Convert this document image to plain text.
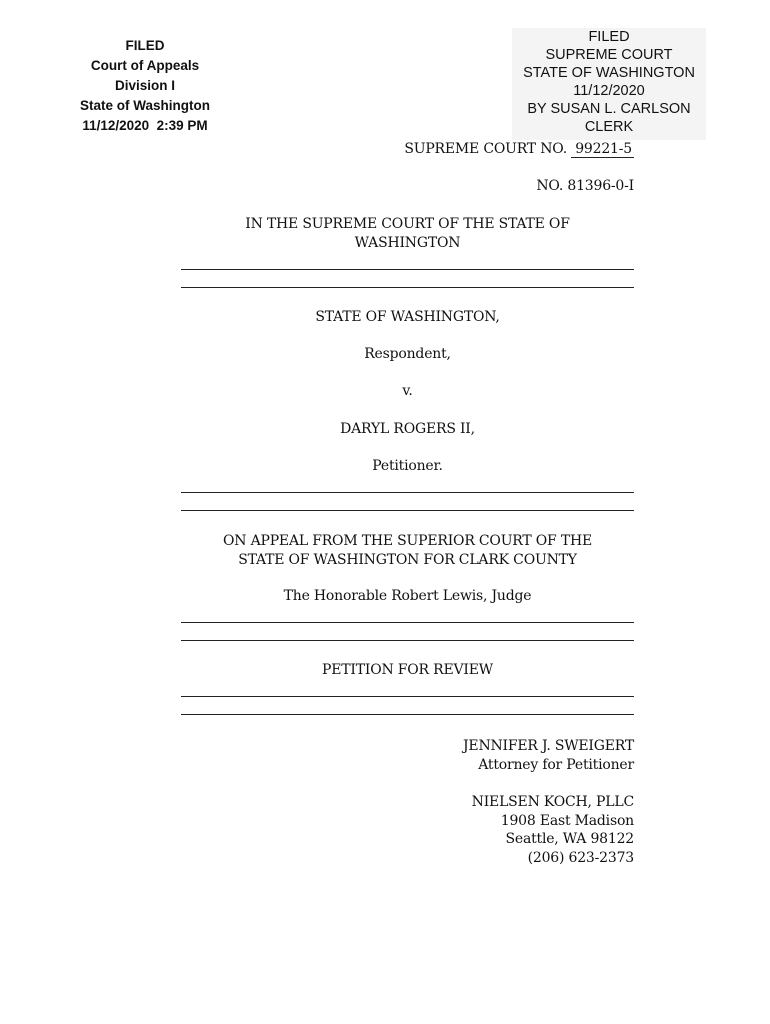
FILED
Court of Appeals
Division I
State of Washington
11/12/2020  2:39 PM
FILED
SUPREME COURT
STATE OF WASHINGTON
11/12/2020
BY SUSAN L. CARLSON
CLERK
SUPREME COURT NO. 99221-5
NO. 81396-0-I
IN THE SUPREME COURT OF THE STATE OF
WASHINGTON
STATE OF WASHINGTON,
Respondent,
v.
DARYL ROGERS II,
Petitioner.
ON APPEAL FROM THE SUPERIOR COURT OF THE
STATE OF WASHINGTON FOR CLARK COUNTY
The Honorable Robert Lewis, Judge
PETITION FOR REVIEW
JENNIFER J. SWEIGERT
Attorney for Petitioner
NIELSEN KOCH, PLLC
1908 East Madison
Seattle, WA 98122
(206) 623-2373
